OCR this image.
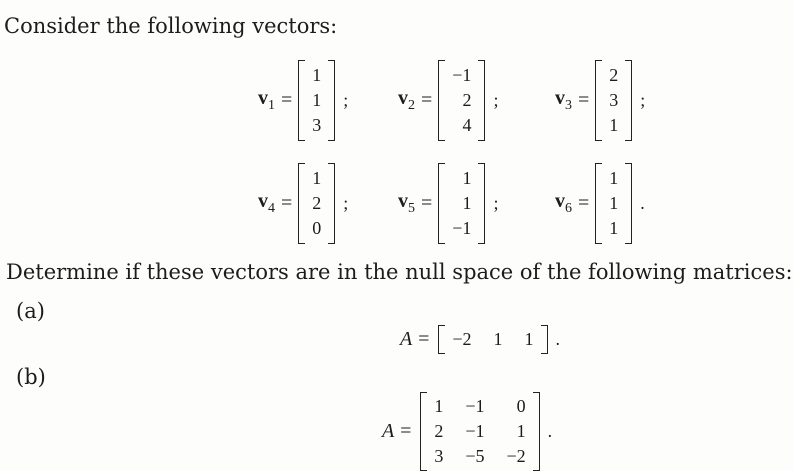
Consider the following vectors:
$v_1$ =
1
1
3
; $v_2$ =
−1
2
4
;	$v_3$ =
2
3
1
;
$v_4$ =
1
2
0
; $v_5$ =
1
1
−1
;	$v_6$ =
1
1
1
.
Determine if these vectors are in the null space of the following matrices:
(a)
A = −2 1 1 .
(b)
A =
1 −1	0
2 −1	1
3 −5 −2
.
